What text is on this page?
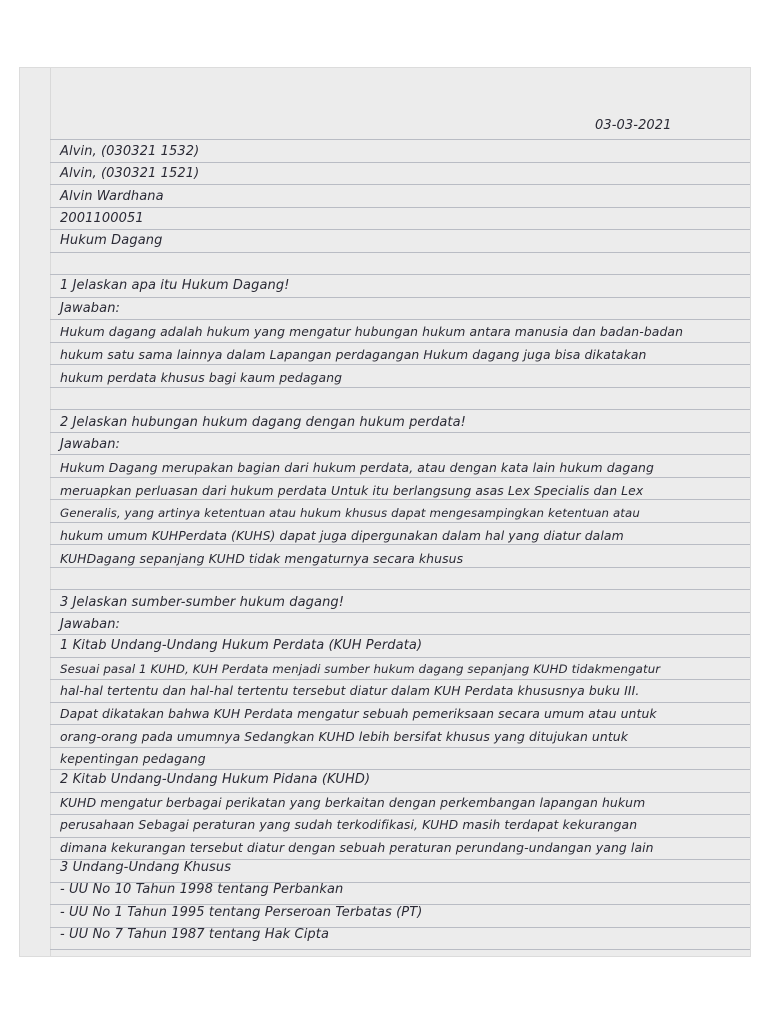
03-03-2021
Alvin, (030321 1532)
Alvin, (030321 1521)
Alvin Wardhana
2001100051
Hukum Dagang
1 Jelaskan apa itu Hukum Dagang!
Jawaban:
Hukum dagang adalah hukum yang mengatur hubungan hukum antara manusia dan badan-badan
hukum satu sama lainnya dalam Lapangan perdagangan Hukum dagang juga bisa dikatakan
hukum perdata khusus bagi kaum pedagang
2 Jelaskan hubungan hukum dagang dengan hukum perdata!
Jawaban:
Hukum Dagang merupakan bagian dari hukum perdata, atau dengan kata lain hukum dagang
meruapkan perluasan dari hukum perdata Untuk itu berlangsung asas Lex Specialis dan Lex
Generalis, yang artinya ketentuan atau hukum khusus dapat mengesampingkan ketentuan atau
hukum umum KUHPerdata (KUHS) dapat juga dipergunakan dalam hal yang diatur dalam
KUHDagang sepanjang KUHD tidak mengaturnya secara khusus
3 Jelaskan sumber-sumber hukum dagang!
Jawaban:
1 Kitab Undang-Undang Hukum Perdata (KUH Perdata)
Sesuai pasal 1 KUHD, KUH Perdata menjadi sumber hukum dagang sepanjang KUHD tidakmengatur
hal-hal tertentu dan hal-hal tertentu tersebut diatur dalam KUH Perdata khususnya buku III.
Dapat dikatakan bahwa KUH Perdata mengatur sebuah pemeriksaan secara umum atau untuk
orang-orang pada umumnya Sedangkan KUHD lebih bersifat khusus yang ditujukan untuk
kepentingan pedagang
2 Kitab Undang-Undang Hukum Pidana (KUHD)
KUHD mengatur berbagai perikatan yang berkaitan dengan perkembangan lapangan hukum
perusahaan Sebagai peraturan yang sudah terkodifikasi, KUHD masih terdapat kekurangan
dimana kekurangan tersebut diatur dengan sebuah peraturan perundang-undangan yang lain
3 Undang-Undang Khusus
- UU No 10 Tahun 1998 tentang Perbankan
- UU No 1 Tahun 1995 tentang Perseroan Terbatas (PT)
- UU No 7 Tahun 1987 tentang Hak Cipta
